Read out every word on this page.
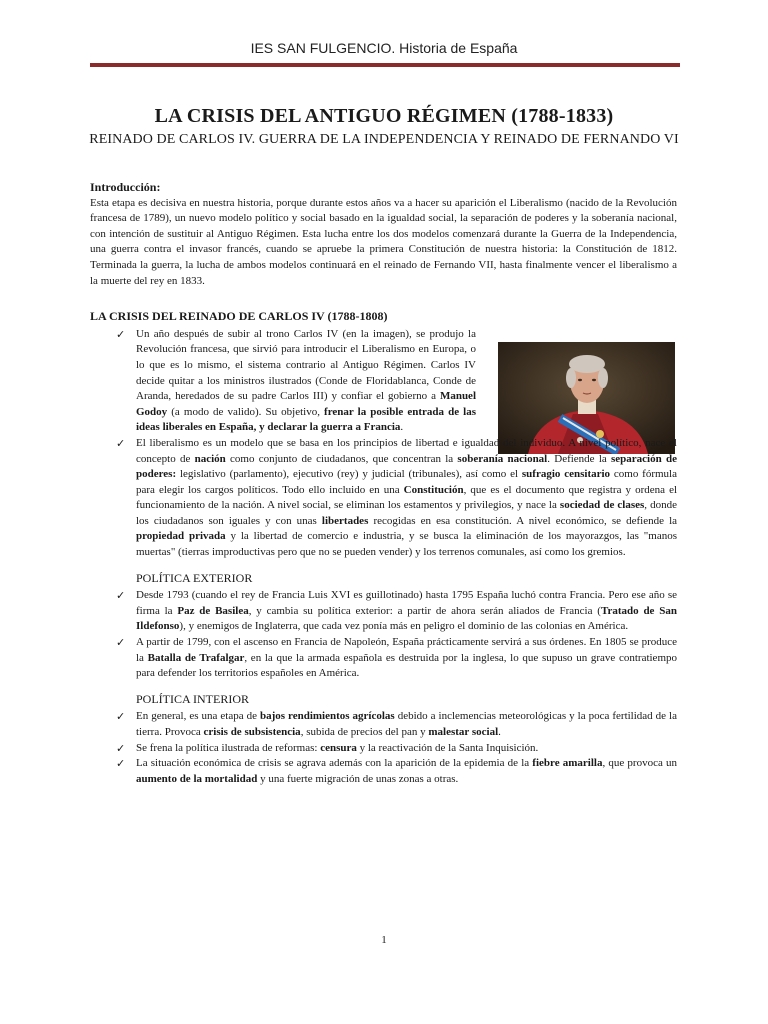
IES SAN FULGENCIO. Historia de España
LA CRISIS DEL ANTIGUO RÉGIMEN (1788-1833)
REINADO DE CARLOS IV. GUERRA DE LA INDEPENDENCIA Y REINADO DE FERNANDO VI
Introducción:
Esta etapa es decisiva en nuestra historia, porque durante estos años va a hacer su aparición el Liberalismo (nacido de la Revolución francesa de 1789), un nuevo modelo político y social basado en la igualdad social, la separación de poderes y la soberanía nacional, con intención de sustituir al Antiguo Régimen. Esta lucha entre los dos modelos comenzará durante la Guerra de la Independencia, una guerra contra el invasor francés, cuando se apruebe la primera Constitución de nuestra historia: la Constitución de 1812. Terminada la guerra, la lucha de ambos modelos continuará en el reinado de Fernando VII, hasta finalmente vencer el liberalismo a la muerte del rey en 1833.
LA CRISIS DEL REINADO DE CARLOS IV (1788-1808)
✓ Un año después de subir al trono Carlos IV (en la imagen), se produjo la Revolución francesa, que sirvió para introducir el Liberalismo en Europa, o lo que es lo mismo, el sistema contrario al Antiguo Régimen. Carlos IV decide quitar a los ministros ilustrados (Conde de Floridablanca, Conde de Aranda, heredados de su padre Carlos III) y confiar el gobierno a Manuel Godoy (a modo de valido). Su objetivo, frenar la posible entrada de las ideas liberales en España, y declarar la guerra a Francia.
✓ El liberalismo es un modelo que se basa en los principios de libertad e igualdad del individuo. A nivel político, nace el concepto de nación como conjunto de ciudadanos, que concentran la soberanía nacional. Defiende la separación de poderes: legislativo (parlamento), ejecutivo (rey) y judicial (tribunales), así como el sufragio censitario como fórmula para elegir los cargos políticos. Todo ello incluido en una Constitución, que es el documento que registra y ordena el funcionamiento de la nación. A nivel social, se eliminan los estamentos y privilegios, y nace la sociedad de clases, donde los ciudadanos son iguales y con unas libertades recogidas en esa constitución. A nivel económico, se defiende la propiedad privada y la libertad de comercio e industria, y se busca la eliminación de los mayorazgos, las "manos muertas" (tierras improductivas pero que no se pueden vender) y los terrenos comunales, así como los gremios.
POLÍTICA EXTERIOR
✓ Desde 1793 (cuando el rey de Francia Luis XVI es guillotinado) hasta 1795 España luchó contra Francia. Pero ese año se firma la Paz de Basilea, y cambia su política exterior: a partir de ahora serán aliados de Francia (Tratado de San Ildefonso), y enemigos de Inglaterra, que cada vez ponía más en peligro el dominio de las colonias en América.
✓ A partir de 1799, con el ascenso en Francia de Napoleón, España prácticamente servirá a sus órdenes. En 1805 se produce la Batalla de Trafalgar, en la que la armada española es destruida por la inglesa, lo que supuso un grave contratiempo para defender los territorios españoles en América.
POLÍTICA INTERIOR
✓ En general, es una etapa de bajos rendimientos agrícolas debido a inclemencias meteorológicas y la poca fertilidad de la tierra. Provoca crisis de subsistencia, subida de precios del pan y malestar social.
✓ Se frena la política ilustrada de reformas: censura y la reactivación de la Santa Inquisición.
✓ La situación económica de crisis se agrava además con la aparición de la epidemia de la fiebre amarilla, que provoca un aumento de la mortalidad y una fuerte migración de unas zonas a otras.
1
